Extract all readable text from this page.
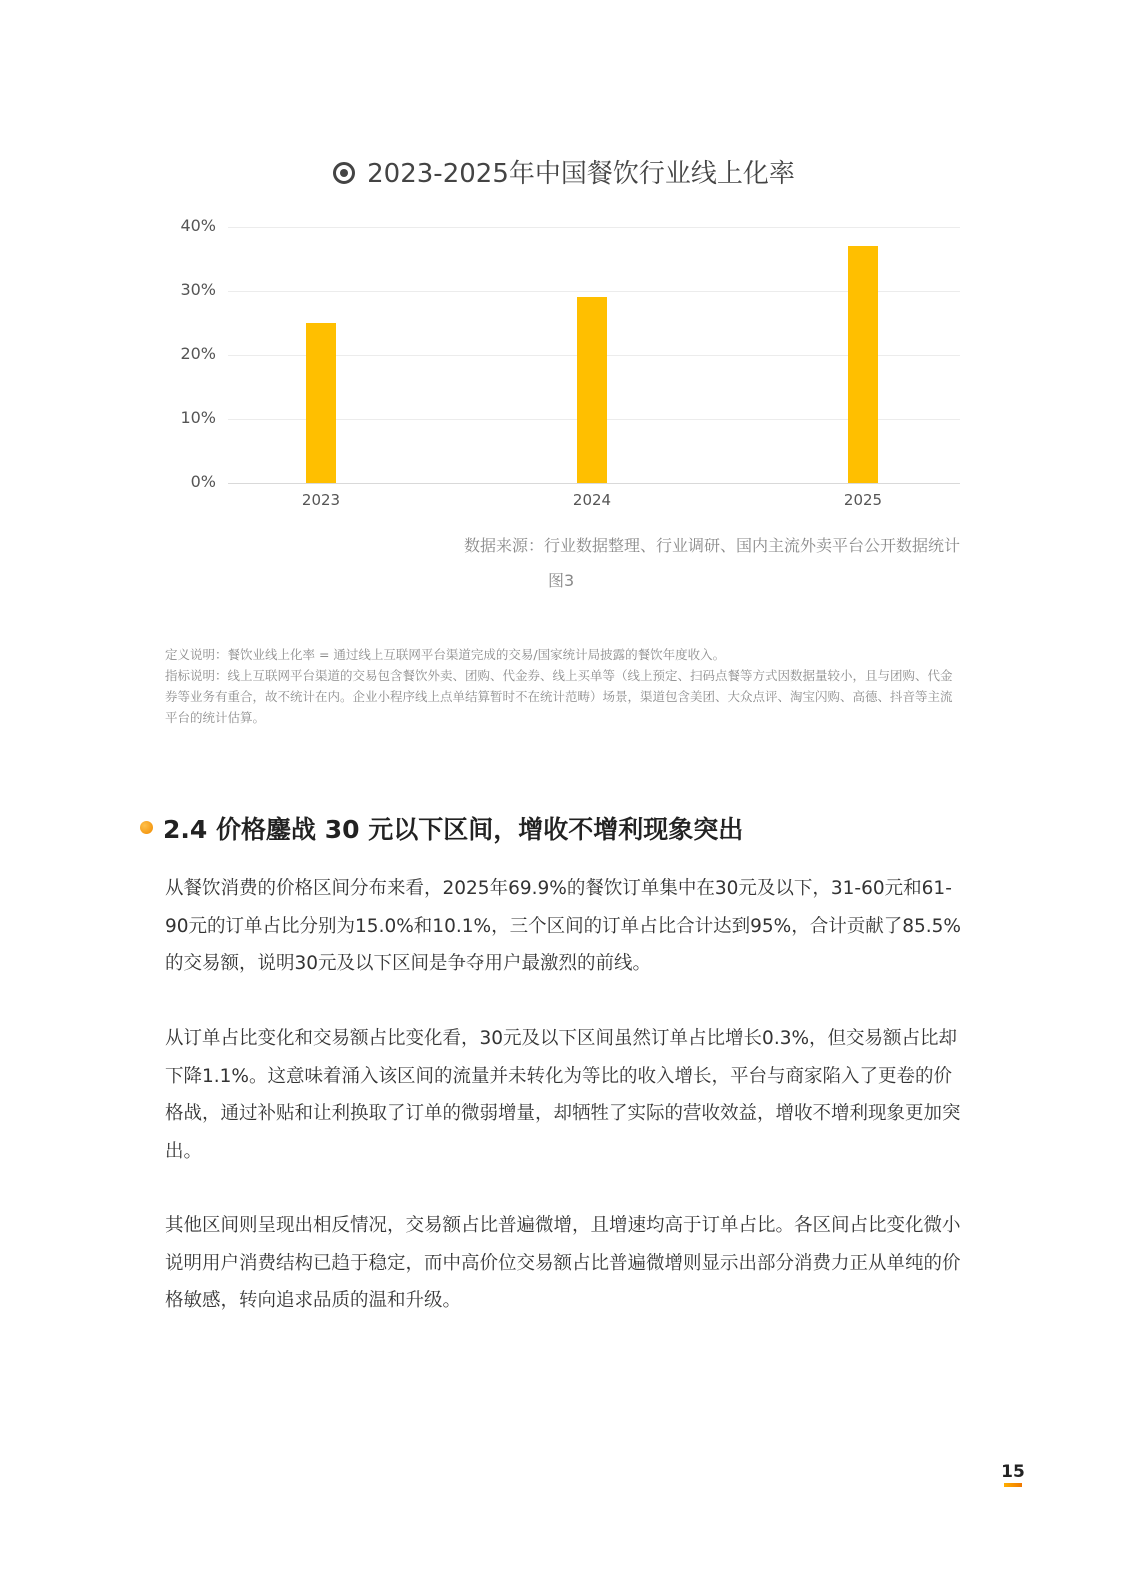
2023-2025年中国餐饮行业线上化率
40%
30%
20%
10%
0%
2023	2024	2025
数据来源：行业数据整理、行业调研、国内主流外卖平台公开数据统计
图3
定义说明：餐饮业线上化率 = 通过线上互联网平台渠道完成的交易/国家统计局披露的餐饮年度收入。
指标说明：线上互联网平台渠道的交易包含餐饮外卖、团购、代金券、线上买单等（线上预定、扫码点餐等方式因数据量较小，且与团购、代金券等业务有重合，故不统计在内。企业小程序线上点单结算暂时不在统计范畴）场景，渠道包含美团、大众点评、淘宝闪购、高德、抖音等主流平台的统计估算。
2.4 价格鏖战 30 元以下区间，增收不增利现象突出
从餐饮消费的价格区间分布来看，2025年69.9%的餐饮订单集中在30元及以下，31-60元和61-90元的订单占比分别为15.0%和10.1%，三个区间的订单占比合计达到95%，合计贡献了85.5%的交易额，说明30元及以下区间是争夺用户最激烈的前线。
从订单占比变化和交易额占比变化看，30元及以下区间虽然订单占比增长0.3%，但交易额占比却下降1.1%。这意味着涌入该区间的流量并未转化为等比的收入增长，平台与商家陷入了更卷的价格战，通过补贴和让利换取了订单的微弱增量，却牺牲了实际的营收效益，增收不增利现象更加突出。
其他区间则呈现出相反情况，交易额占比普遍微增，且增速均高于订单占比。各区间占比变化微小说明用户消费结构已趋于稳定，而中高价位交易额占比普遍微增则显示出部分消费力正从单纯的价格敏感，转向追求品质的温和升级。
15
